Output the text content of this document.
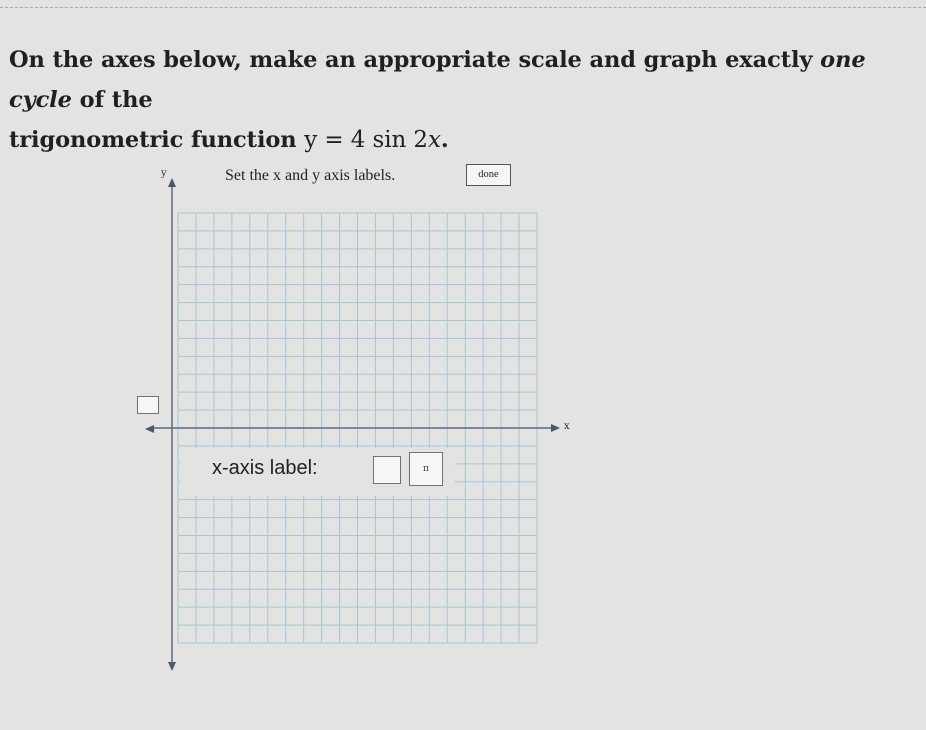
On the axes below, make an appropriate scale and graph exactly one cycle of the
trigonometric function y = 4 sin 2x.
y
x
Set the x and y axis labels.	done
x-axis label:	π
